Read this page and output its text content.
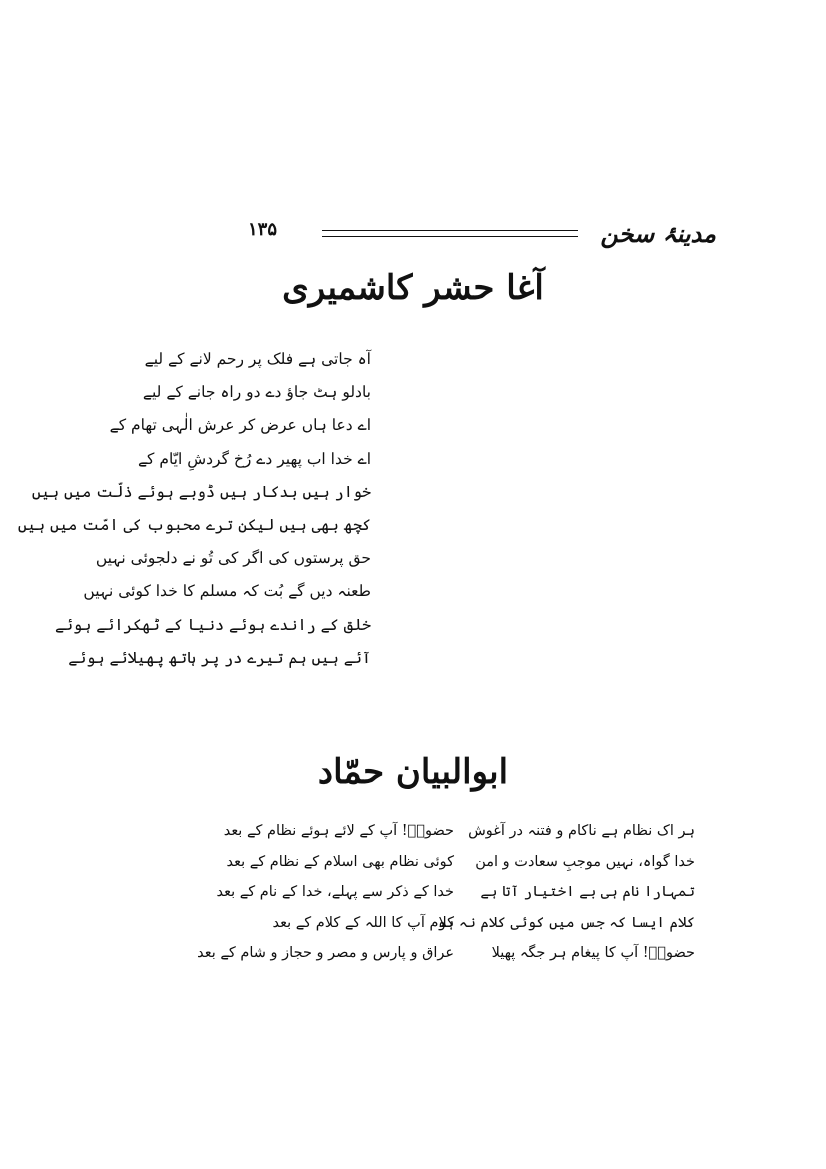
مدینۂ سخن
۱۳۵
آغا حشر کاشمیری
آہ جاتی ہے فلک پر رحم لانے کے لیے
بادلو ہٹ جاؤ دے دو راہ جانے کے لیے
اے دعا ہاں عرض کر عرش الٰہی تھام کے
اے خدا اب پھیر دے رُخ گردشِ ایّام کے
خوار ہیں بدکار ہیں ڈوبے ہوئے ذلّت میں ہیں
کچھ بھی ہیں لیکن ترے محبوب کی امّت میں ہیں
حق پرستوں کی اگر کی تُو نے دلجوئی نہیں
طعنہ دیں گے بُت کہ مسلم کا خدا کوئی نہیں
خلق کے راندے ہوئے دنیا کے ٹھکرائے ہوئے
آئے ہیں ہم تیرے در پر ہاتھ پھیلائے ہوئے
ابوالبیان حمّاد
ہر اک نظام ہے ناکام و فتنہ در آغوش
خدا گواہ، نہیں موجبِ سعادت و امن
تمہارا نام ہی بے اختیار آتا ہے
کلام ایسا کہ جس میں کوئی کلام نہ ہو
حضورؐ! آپ کا پیغام ہر جگہ پھیلا
حضورؐ! آپ کے لائے ہوئے نظام کے بعد
کوئی نظام بھی اسلام کے نظام کے بعد
خدا کے ذکر سے پہلے، خدا کے نام کے بعد
کلام آپ کا اللہ کے کلام کے بعد
عراق و پارس و مصر و حجاز و شام کے بعد
